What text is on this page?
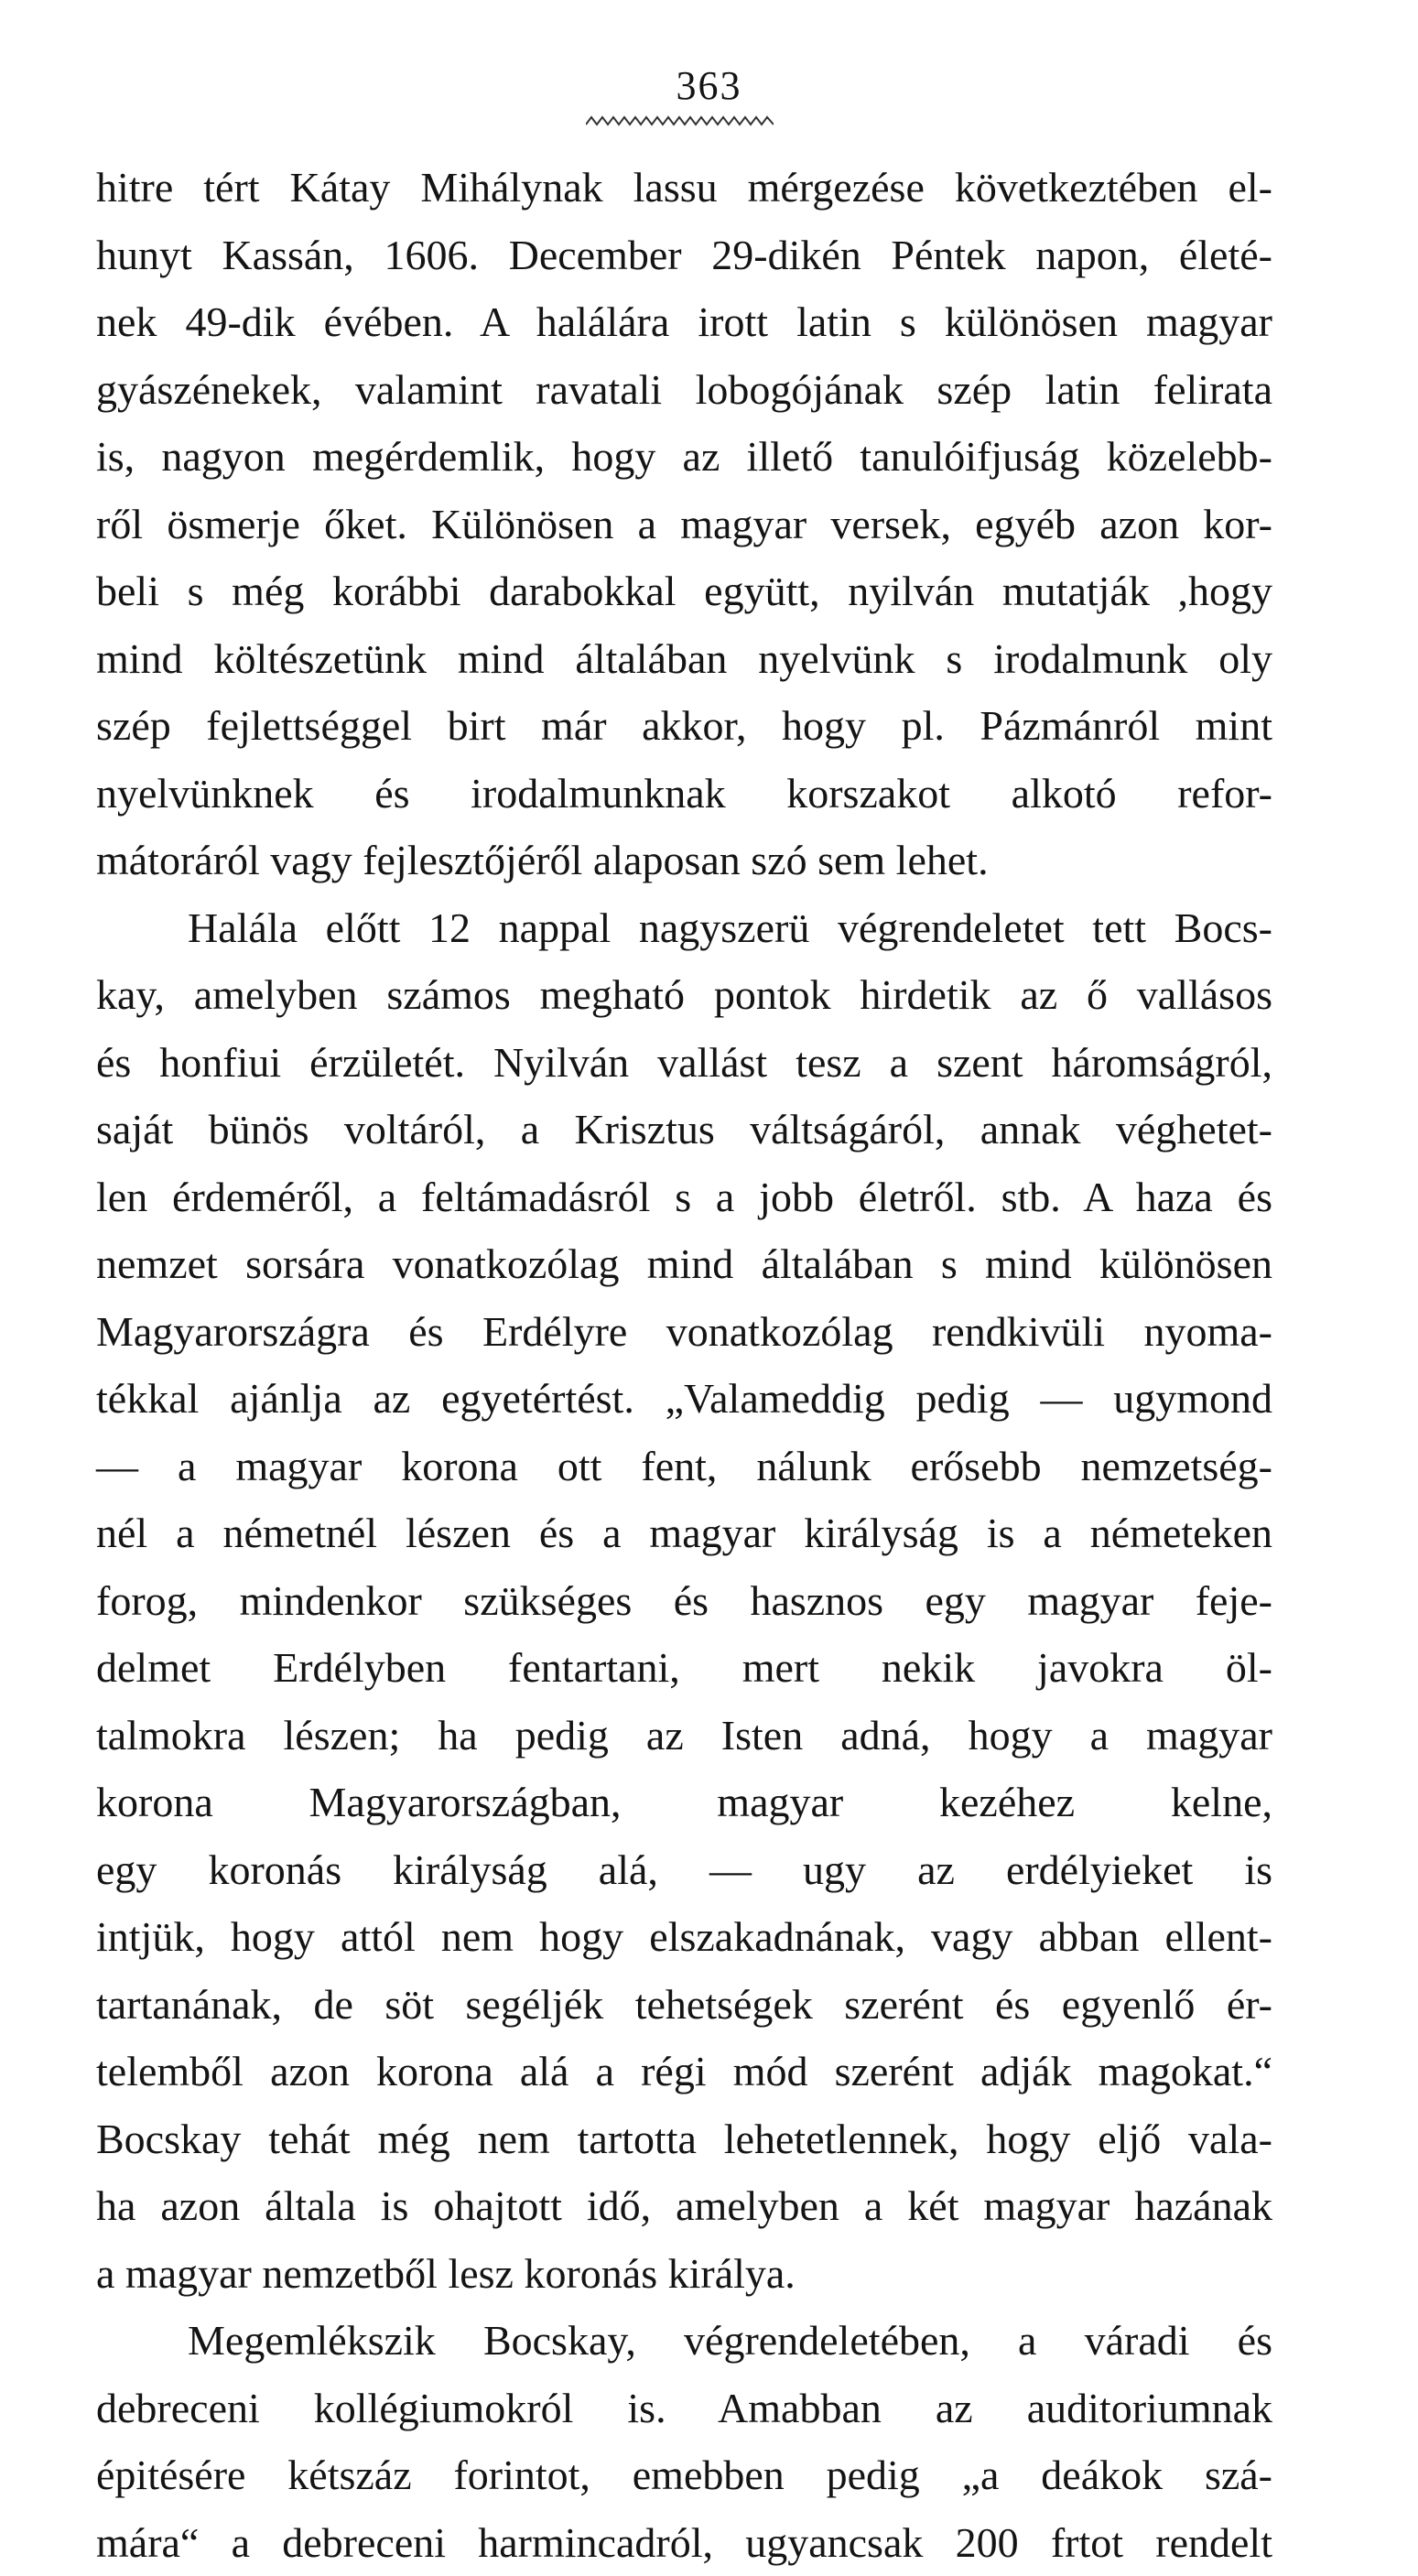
363
hitre tért Kátay Mihálynak lassu mérgezése következtében el-
hunyt Kassán, 1606. December 29-dikén Péntek napon, életé-
nek 49-dik évében. A halálára irott latin s különösen magyar
gyászénekek, valamint ravatali lobogójának szép latin felirata
is, nagyon megérdemlik, hogy az illető tanulóifjuság közelebb-
ről ösmerje őket. Különösen a magyar versek, egyéb azon kor-
beli s még korábbi darabokkal együtt, nyilván mutatják ,hogy
mind költészetünk mind általában nyelvünk s irodalmunk oly
szép fejlettséggel birt már akkor, hogy pl. Pázmánról mint
nyelvünknek és irodalmunknak korszakot alkotó refor-
mátoráról vagy fejlesztőjéről alaposan szó sem lehet.
Halála előtt 12 nappal nagyszerü végrendeletet tett Bocs-
kay, amelyben számos megható pontok hirdetik az ő vallásos
és honfiui érzületét. Nyilván vallást tesz a szent háromságról,
saját bünös voltáról, a Krisztus váltságáról, annak véghetet-
len érdeméről, a feltámadásról s a jobb életről. stb. A haza és
nemzet sorsára vonatkozólag mind általában s mind különösen
Magyarországra és Erdélyre vonatkozólag rendkivüli nyoma-
tékkal ajánlja az egyetértést. „Valameddig pedig — ugymond
— a magyar korona ott fent, nálunk erősebb nemzetség-
nél a németnél lészen és a magyar királyság is a németeken
forog, mindenkor szükséges és hasznos egy magyar feje-
delmet Erdélyben fentartani, mert nekik javokra öl-
talmokra lészen; ha pedig az Isten adná, hogy a magyar
korona Magyarországban, magyar kezéhez kelne,
egy koronás királyság alá, — ugy az erdélyieket is
intjük, hogy attól nem hogy elszakadnának, vagy abban ellent-
tartanának, de söt segéljék tehetségek szerént és egyenlő ér-
telemből azon korona alá a régi mód szerént adják magokat.“
Bocskay tehát még nem tartotta lehetetlennek, hogy eljő vala-
ha azon általa is ohajtott idő, amelyben a két magyar hazának
a magyar nemzetből lesz koronás királya.
Megemlékszik Bocskay, végrendeletében, a váradi és
debreceni kollégiumokról is. Amabban az auditoriumnak
épitésére kétszáz forintot, emebben pedig „a deákok szá-
mára“ a debreceni harmincadról, ugyancsak 200 frtot rendelt
